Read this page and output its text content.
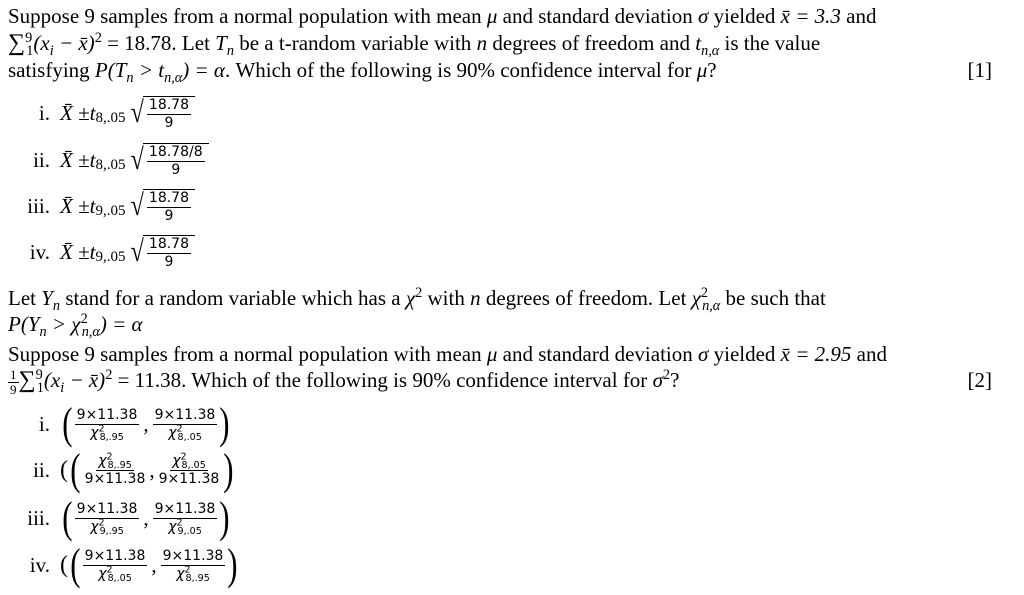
Suppose 9 samples from a normal population with mean μ and standard deviation σ yielded x̄ = 3.3 and
$\sum^9_1(x_i$ − x̄)$^2$ = 18.78. Let $T_n$ be a t-random variable with n degrees of freedom and $t_{n,\alpha}$ is the value
satisfying $P(T_n > t_{n,\alpha}) = \alpha$. Which of the following is 90% confidence interval for μ?	[1]
i. X̄ ± t 8,.05 √ $\frac{18.78}{9}$
ii. X̄ ± t 8,.05 √ $\frac{18.78/8}{9}$
iii. X̄ ± t 9,.05 √ $\frac{18.78}{9}$
iv. X̄ ± t 9,.05 √ $\frac{18.78}{9}$
Let $Y_n$ stand for a random variable which has a $\chi^2$ with n degrees of freedom. Let $\chi^2_{n,\alpha}$ be such that
$P(Y_n > \chi^2_{n,\alpha}) = \alpha$
Suppose 9 samples from a normal population with mean μ and standard deviation σ yielded x̄ = 2.95 and
$\frac{1}{9} \sum^9_1(x_i$ − x̄)$^2$ = 11.38. Which of the following is 90% confidence interval for $\sigma^2$?	[2]
i. ( $\frac{9\times 11.38}{\chi^2_{8,.95}}$ , $\frac{9\times 11.38}{\chi^2_{8,.05}}$ )
ii. ( ( $\frac{\chi^2_{8,.95}}{9\times 11.38}$ , $\frac{\chi^2_{8,.05}}{9\times 11.38}$ )
iii. ( $\frac{9\times 11.38}{\chi^2_{9,.95}}$ , $\frac{9\times 11.38}{\chi^2_{9,.05}}$ )
iv. ( ( $\frac{9\times 11.38}{\chi^2_{8,.05}}$ , $\frac{9\times 11.38}{\chi^2_{8,.95}}$ )
